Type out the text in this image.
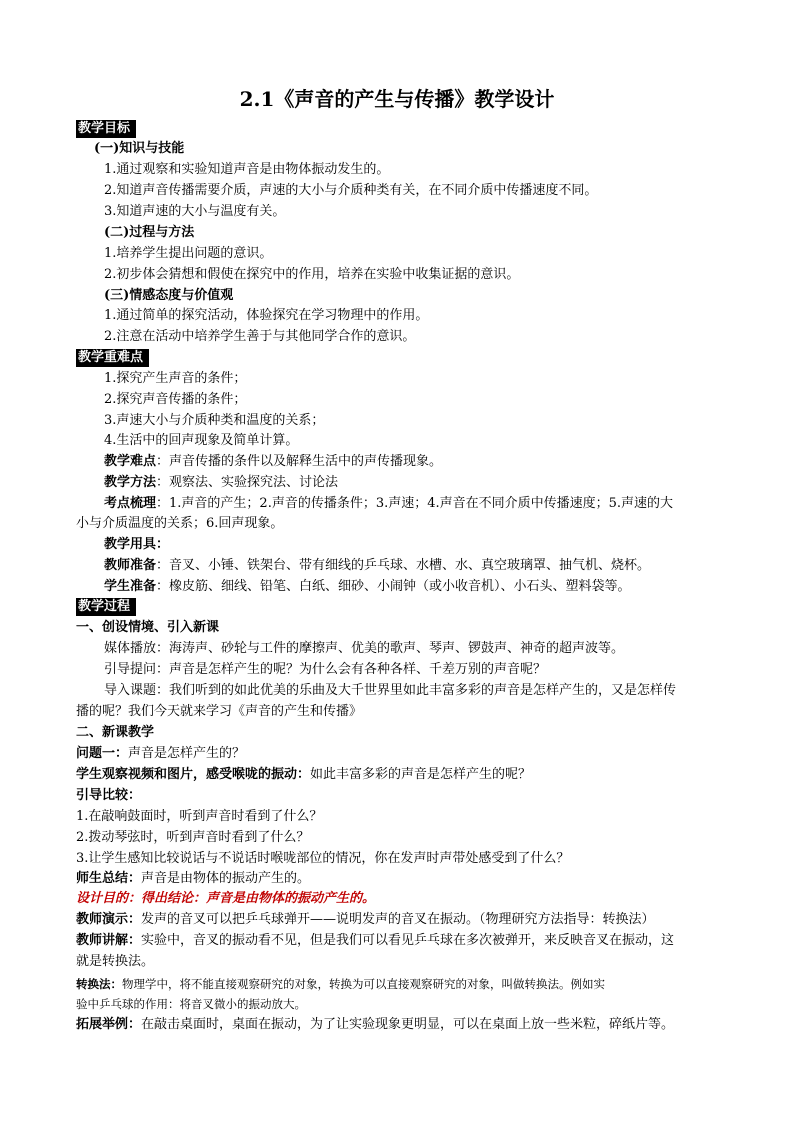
2.1《声音的产生与传播》教学设计
教学目标
(一)知识与技能
1.通过观察和实验知道声音是由物体振动发生的。
2.知道声音传播需要介质，声速的大小与介质种类有关，在不同介质中传播速度不同。
3.知道声速的大小与温度有关。
(二)过程与方法
1.培养学生提出问题的意识。
2.初步体会猜想和假使在探究中的作用，培养在实验中收集证据的意识。
(三)情感态度与价值观
1.通过简单的探究活动，体验探究在学习物理中的作用。
2.注意在活动中培养学生善于与其他同学合作的意识。
教学重难点
1.探究产生声音的条件；
2.探究声音传播的条件；
3.声速大小与介质种类和温度的关系；
4.生活中的回声现象及简单计算。
教学难点：声音传播的条件以及解释生活中的声传播现象。
教学方法：观察法、实验探究法、讨论法
考点梳理：1.声音的产生；2.声音的传播条件；3.声速；4.声音在不同介质中传播速度；5.声速的大
小与介质温度的关系；6.回声现象。
教学用具：
教师准备：音叉、小锤、铁架台、带有细线的乒乓球、水槽、水、真空玻璃罩、抽气机、烧杯。
学生准备：橡皮筋、细线、铅笔、白纸、细砂、小闹钟（或小收音机）、小石头、塑料袋等。
教学过程
一、创设情境、引入新课
媒体播放：海涛声、砂轮与工件的摩擦声、优美的歌声、琴声、锣鼓声、神奇的超声波等。
引导提问：声音是怎样产生的呢？为什么会有各种各样、千差万别的声音呢？
导入课题：我们听到的如此优美的乐曲及大千世界里如此丰富多彩的声音是怎样产生的，又是怎样传
播的呢？我们今天就来学习《声音的产生和传播》
二、新课教学
问题一：声音是怎样产生的？
学生观察视频和图片，感受喉咙的振动：如此丰富多彩的声音是怎样产生的呢？
引导比较：
1.在敲响鼓面时，听到声音时看到了什么？
2.拨动琴弦时，听到声音时看到了什么？
3.让学生感知比较说话与不说话时喉咙部位的情况，你在发声时声带处感受到了什么？
师生总结：声音是由物体的振动产生的。
设计目的：得出结论：声音是由物体的振动产生的。
教师演示：发声的音叉可以把乒乓球弹开——说明发声的音叉在振动。（物理研究方法指导：转换法）
教师讲解：实验中，音叉的振动看不见，但是我们可以看见乒乓球在多次被弹开，来反映音叉在振动，这
就是转换法。
转换法：物理学中，将不能直接观察研究的对象，转换为可以直接观察研究的对象，叫做转换法。例如实
验中乒乓球的作用：将音叉微小的振动放大。
拓展举例：在敲击桌面时，桌面在振动，为了让实验现象更明显，可以在桌面上放一些米粒，碎纸片等。
